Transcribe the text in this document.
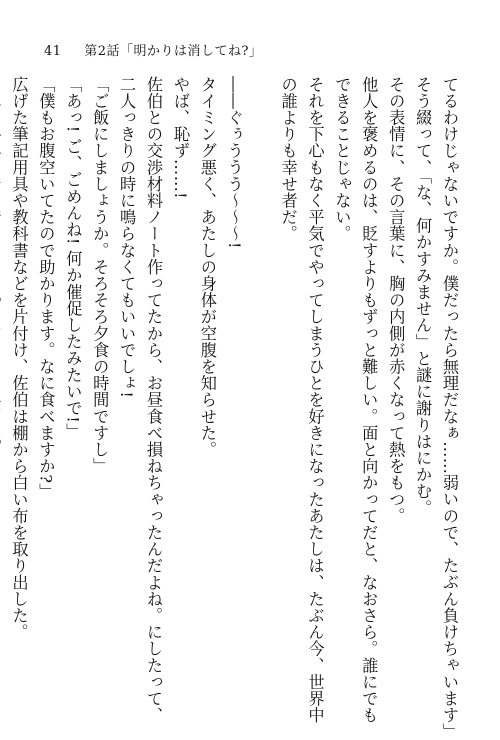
41 第2話「明かりは消してね?」
てるわけじゃないですか。僕だったら無理だなぁ……弱いので、たぶん負けちゃいます」
そう綴って、「な、何かすみません」と謎に謝りはにかむ。
その表情に、その言葉に、胸の内側が赤くなって熱をもつ。
他人を褒めるのは、貶すよりもずっと難しい。面と向かってだと、なおさら。誰にでも
できることじゃない。
それを下心もなく平気でやってしまうひとを好きになったあたしは、たぶん今、世界中
の誰よりも幸せ者だ。

――ぐぅううう〜〜〜!
タイミング悪く、あたしの身体が空腹を知らせた。
やば、恥ず……!
佐伯との交渉材料ノート作ってたから、お昼食べ損ねちゃったんだよね。にしたって、
二人っきりの時に鳴らなくてもいいでしょ!
「ご飯にしましょうか。そろそろ夕食の時間ですし」
「あっ! ご、ごめんね! 何か催促したみたいで!」
「僕もお腹空いてたので助かります。なに食べますか?」
広げた筆記用具や教科書などを片付け、佐伯は棚から白い布を取り出した。
